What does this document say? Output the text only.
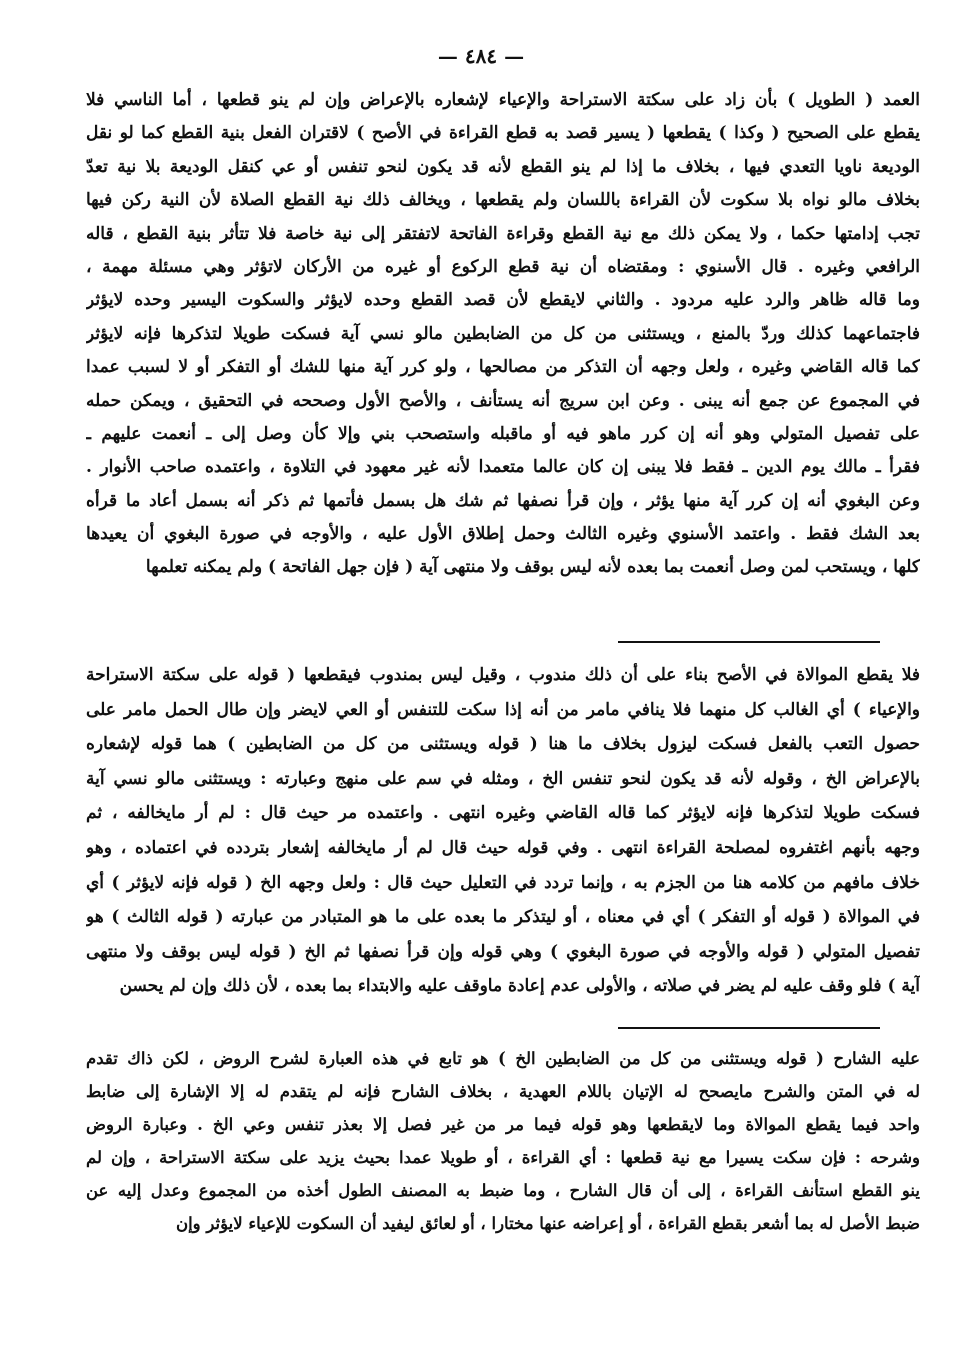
— ٤٨٤ —
العمد ( الطويل ) بأن زاد على سكتة الاستراحة والإعياء لإشعاره بالإعراض وإن لم ينو قطعها ، أما الناسي فلا
يقطع على الصحيح ( وكذا ) يقطعها ( يسير قصد به قطع القراءة في الأصح ) لاقتران الفعل بنية القطع كما لو نقل
الوديعة ناويا التعدي فيها ، بخلاف ما إذا لم ينو القطع لأنه قد يكون لنحو تنفس أو عي كنقل الوديعة بلا نية تعدّ
بخلاف مالو نواه بلا سكوت لأن القراءة باللسان ولم يقطعها ، ويخالف ذلك نية القطع الصلاة لأن النية ركن فيها
تجب إدامتها حكما ، ولا يمكن ذلك مع نية القطع وقراءة الفاتحة لاتفتقر إلى نية خاصة فلا تتأثر بنية القطع ، قاله
الرافعي وغيره . قال الأسنوي : ومقتضاه أن نية قطع الركوع أو غيره من الأركان لاتؤثر وهي مسئلة مهمة ،
وما قاله ظاهر والرد عليه مردود . والثاني لايقطع لأن قصد القطع وحده لايؤثر والسكوت اليسير وحده لايؤثر
فاجتماعهما كذلك وردّ بالمنع ، ويستثنى من كل من الضابطين مالو نسي آية فسكت طويلا لتذكرها فإنه لايؤثر
كما قاله القاضي وغيره ، ولعل وجهه أن التذكر من مصالحها ، ولو كرر آية منها للشك أو التفكر أو لا لسبب عمدا
في المجموع عن جمع أنه يبنى . وعن ابن سريج أنه يستأنف ، والأصح الأول وصححه في التحقيق ، ويمكن حمله
على تفصيل المتولي وهو أنه إن كرر ماهو فيه أو ماقبله واستصحب بني وإلا كأن وصل إلى ـ أنعمت عليهم ـ
فقرأ ـ مالك يوم الدين ـ فقط فلا يبنى إن كان عالما متعمدا لأنه غير معهود في التلاوة ، واعتمده صاحب الأنوار .
وعن البغوي أنه إن كرر آية منها يؤثر ، وإن قرأ نصفها ثم شك هل بسمل فأتمها ثم ذكر أنه بسمل أعاد ما قرأه
بعد الشك فقط . واعتمد الأسنوي وغيره الثالث وحمل إطلاق الأول عليه ، والأوجه في صورة البغوي أن يعيدها
كلها ، ويستحب لمن وصل أنعمت بما بعده لأنه ليس بوقف ولا منتهى آية ( فإن جهل الفاتحة ) ولم يمكنه تعلمها
فلا يقطع الموالاة في الأصح بناء على أن ذلك مندوب ، وقيل ليس بمندوب فيقطعها ( قوله على سكتة الاستراحة
والإعياء ) أي الغالب كل منهما فلا ينافي مامر من أنه إذا سكت للتنفس أو العي لايضر وإن طال الحمل مامر على
حصول التعب بالفعل فسكت ليزول بخلاف ما هنا ( قوله ويستثنى من كل من الضابطين ) هما قوله لإشعاره
بالإعراض الخ ، وقوله لأنه قد يكون لنحو تنفس الخ ، ومثله في سم على منهج وعبارته : ويستثنى مالو نسي آية
فسكت طويلا لتذكرها فإنه لايؤثر كما قاله القاضي وغيره انتهى . واعتمده مر حيث قال : لم أر مايخالفه ، ثم
وجهه بأنهم اغتفروه لمصلحة القراءة انتهى . وفي قوله حيث قال لم أر مايخالفه إشعار بتردده في اعتماده ، وهو
خلاف مافهم من كلامه هنا من الجزم به ، وإنما تردد في التعليل حيث قال : ولعل وجهه الخ ( قوله فإنه لايؤثر ) أي
في الموالاة ( قوله أو التفكر ) أي في معناه ، أو ليتذكر ما بعده على ما هو المتبادر من عبارته ( قوله الثالث ) هو
تفصيل المتولي ( قوله والأوجه في صورة البغوي ) وهي قوله وإن قرأ نصفها ثم الخ ( قوله ليس بوقف ولا منتهى
آية ) فلو وقف عليه لم يضر في صلاته ، والأولى عدم إعادة ماوقف عليه والابتداء بما بعده ، لأن ذلك وإن لم يحسن
عليه الشارح ( قوله ويستثنى من كل من الضابطين الخ ) هو تابع في هذه العبارة لشرح الروض ، لكن ذاك تقدم
له في المتن والشرح مايصحح له الإتيان باللام العهدية ، بخلاف الشارح فإنه لم يتقدم له إلا الإشارة إلى ضابط
واحد فيما يقطع الموالاة وما لايقطعها وهو قوله فيما مر من غير فصل إلا بعذر تنفس وعي الخ . وعبارة الروض
وشرحه : فإن سكت يسيرا مع نية قطعها : أي القراءة ، أو طويلا عمدا بحيث يزيد على سكتة الاستراحة ، وإن لم
ينو القطع استأنف القراءة ، إلى أن قال الشارح ، وما ضبط به المصنف الطول أخذه من المجموع وعدل إليه عن
ضبط الأصل له بما أشعر بقطع القراءة ، أو إعراضه عنها مختارا ، أو لعائق ليفيد أن السكوت للإعياء لايؤثر وإن
